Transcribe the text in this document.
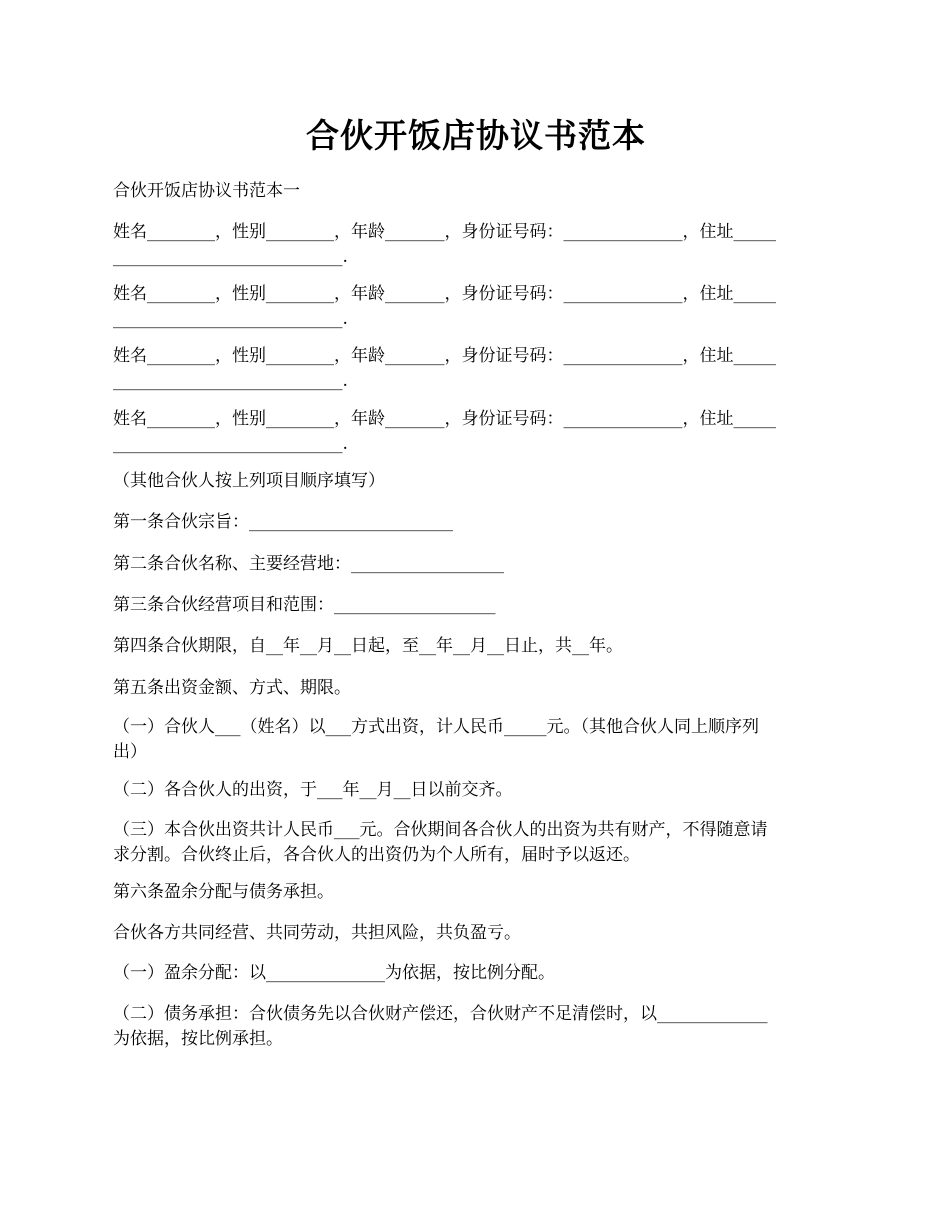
合伙开饭店协议书范本

合伙开饭店协议书范本一

姓名________，性别________，年龄_______，身份证号码：______________，住址_____
___________________________.
姓名________，性别________，年龄_______，身份证号码：______________，住址_____
___________________________.
姓名________，性别________，年龄_______，身份证号码：______________，住址_____
___________________________.
姓名________，性别________，年龄_______，身份证号码：______________，住址_____
___________________________.

（其他合伙人按上列项目顺序填写）

第一条合伙宗旨：________________________

第二条合伙名称、主要经营地：__________________

第三条合伙经营项目和范围：___________________

第四条合伙期限，自__年__月__日起，至__年__月__日止，共__年。

第五条出资金额、方式、期限。

（一）合伙人___（姓名）以___方式出资，计人民币_____元。（其他合伙人同上顺序列
出）

（二）各合伙人的出资，于___年__月__日以前交齐。

（三）本合伙出资共计人民币___元。合伙期间各合伙人的出资为共有财产，不得随意请
求分割。合伙终止后，各合伙人的出资仍为个人所有，届时予以返还。

第六条盈余分配与债务承担。

合伙各方共同经营、共同劳动，共担风险，共负盈亏。

（一）盈余分配：以______________为依据，按比例分配。

（二）债务承担：合伙债务先以合伙财产偿还，合伙财产不足清偿时，以_____________
为依据，按比例承担。
